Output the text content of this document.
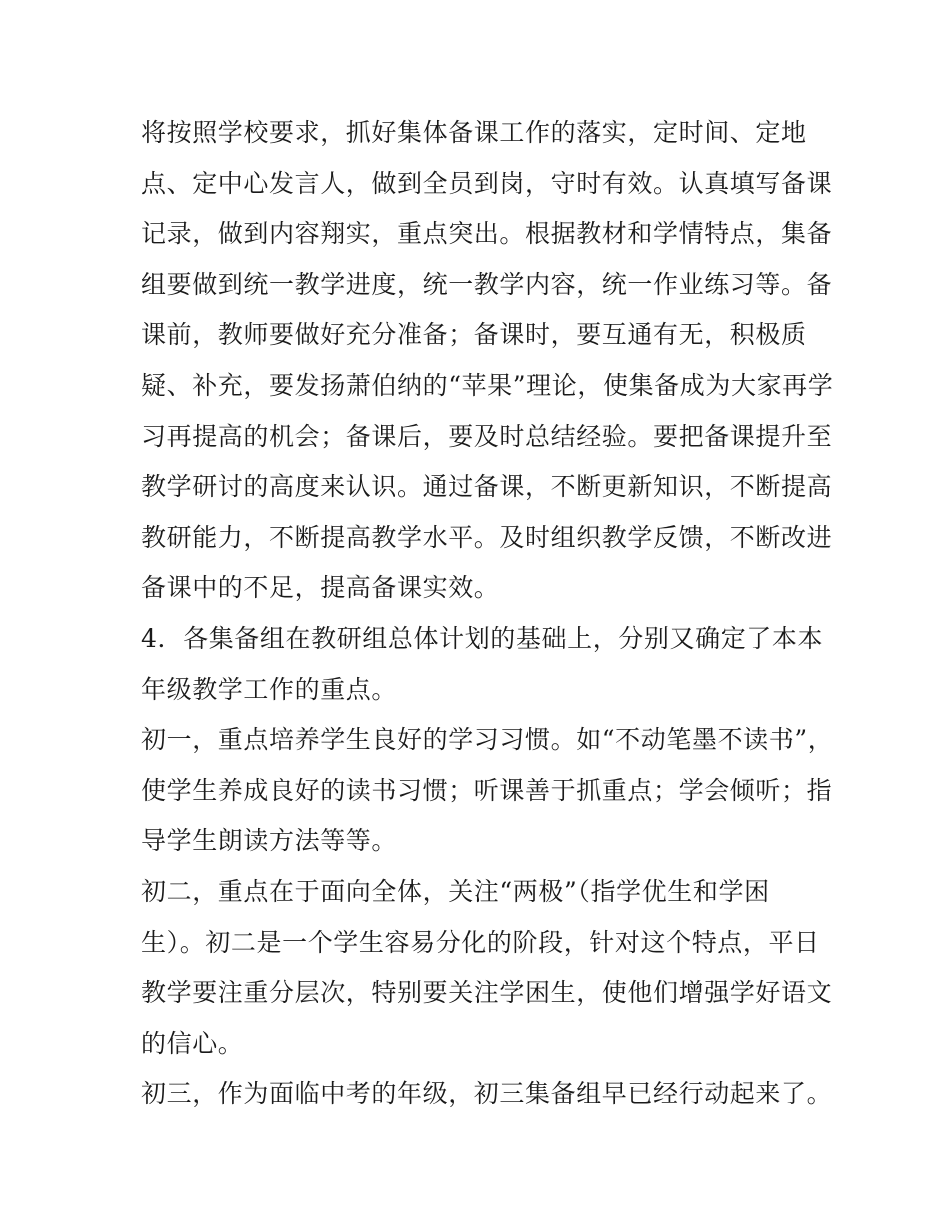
将按照学校要求，抓好集体备课工作的落实，定时间、定地
点、定中心发言人，做到全员到岗，守时有效。认真填写备课
记录，做到内容翔实，重点突出。根据教材和学情特点，集备
组要做到统一教学进度，统一教学内容，统一作业练习等。备
课前，教师要做好充分准备；备课时，要互通有无，积极质
疑、补充，要发扬萧伯纳的“苹果”理论，使集备成为大家再学
习再提高的机会；备课后，要及时总结经验。要把备课提升至
教学研讨的高度来认识。通过备课，不断更新知识，不断提高
教研能力，不断提高教学水平。及时组织教学反馈，不断改进
备课中的不足，提高备课实效。
4．各集备组在教研组总体计划的基础上，分别又确定了本本
年级教学工作的重点。
初一，重点培养学生良好的学习习惯。如“不动笔墨不读书”，
使学生养成良好的读书习惯；听课善于抓重点；学会倾听；指
导学生朗读方法等等。
初二，重点在于面向全体，关注“两极”（指学优生和学困
生）。初二是一个学生容易分化的阶段，针对这个特点，平日
教学要注重分层次，特别要关注学困生，使他们增强学好语文
的信心。
初三，作为面临中考的年级，初三集备组早已经行动起来了。
